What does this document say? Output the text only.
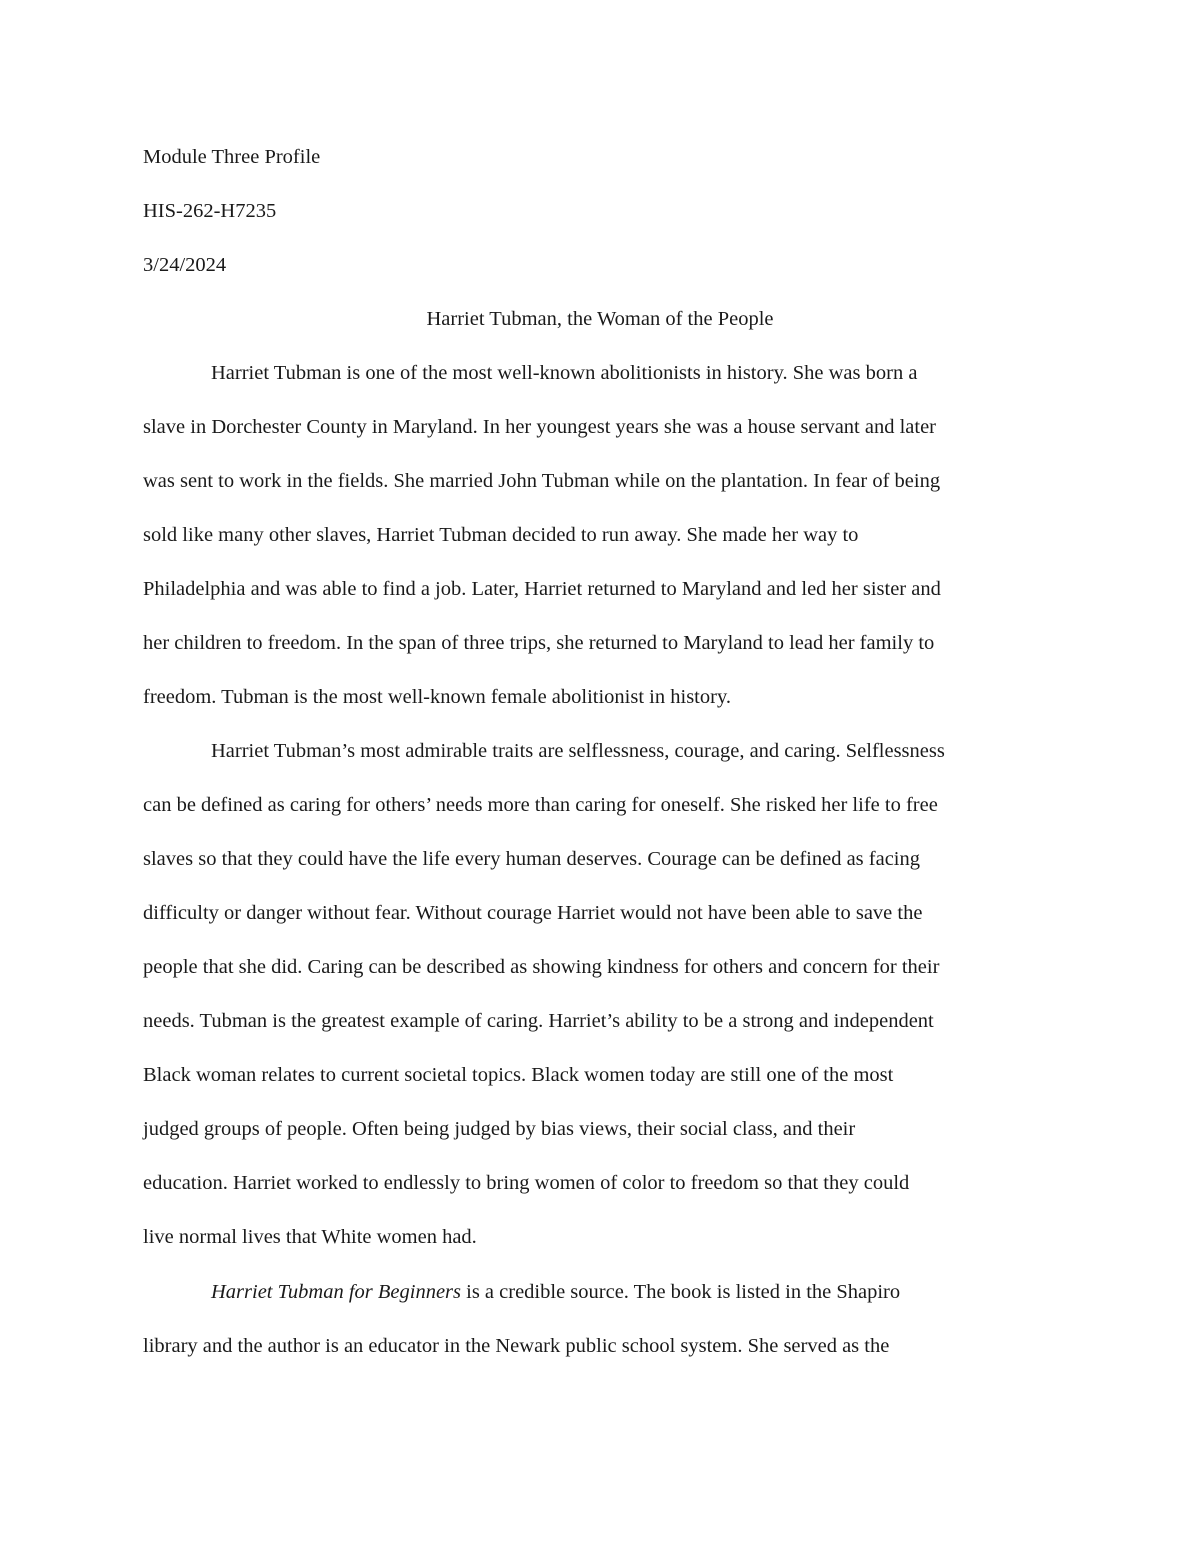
Module Three Profile
HIS-262-H7235
3/24/2024
Harriet Tubman, the Woman of the People
Harriet Tubman is one of the most well-known abolitionists in history. She was born a
slave in Dorchester County in Maryland. In her youngest years she was a house servant and later
was sent to work in the fields. She married John Tubman while on the plantation. In fear of being
sold like many other slaves, Harriet Tubman decided to run away. She made her way to
Philadelphia and was able to find a job. Later, Harriet returned to Maryland and led her sister and
her children to freedom. In the span of three trips, she returned to Maryland to lead her family to
freedom. Tubman is the most well-known female abolitionist in history.
Harriet Tubman’s most admirable traits are selflessness, courage, and caring. Selflessness
can be defined as caring for others’ needs more than caring for oneself. She risked her life to free
slaves so that they could have the life every human deserves. Courage can be defined as facing
difficulty or danger without fear. Without courage Harriet would not have been able to save the
people that she did. Caring can be described as showing kindness for others and concern for their
needs. Tubman is the greatest example of caring. Harriet’s ability to be a strong and independent
Black woman relates to current societal topics. Black women today are still one of the most
judged groups of people. Often being judged by bias views, their social class, and their
education. Harriet worked to endlessly to bring women of color to freedom so that they could
live normal lives that White women had.
Harriet Tubman for Beginners is a credible source. The book is listed in the Shapiro
library and the author is an educator in the Newark public school system. She served as the
